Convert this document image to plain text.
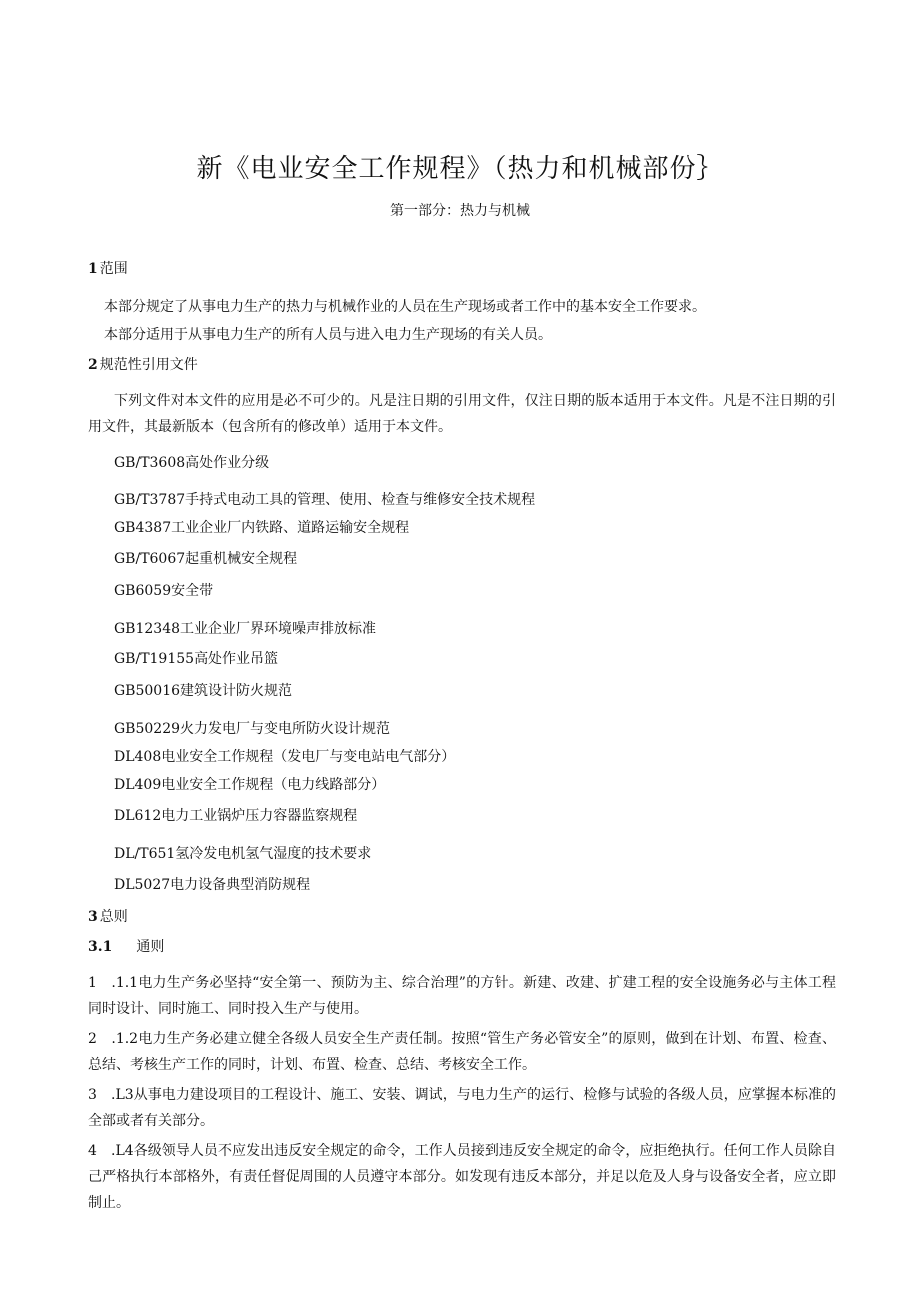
新《电业安全工作规程》（热力和机械部份｝
第一部分：热力与机械
1 范围
本部分规定了从事电力生产的热力与机械作业的人员在生产现场或者工作中的基本安全工作要求。
本部分适用于从事电力生产的所有人员与进入电力生产现场的有关人员。
2 规范性引用文件
下列文件对本文件的应用是必不可少的。凡是注日期的引用文件，仅注日期的版本适用于本文件。凡是不注日期的引用文件，其最新版本（包含所有的修改单）适用于本文件。
GB/T3608高处作业分级
GB/T3787手持式电动工具的管理、使用、检查与维修安全技术规程
GB4387工业企业厂内铁路、道路运输安全规程
GB/T6067起重机械安全规程
GB6059安全带
GB12348工业企业厂界环境噪声排放标准
GB/T19155高处作业吊篮
GB50016建筑设计防火规范
GB50229火力发电厂与变电所防火设计规范
DL408电业安全工作规程（发电厂与变电站电气部分）
DL409电业安全工作规程（电力线路部分）
DL612电力工业锅炉压力容器监察规程
DL/T651氢冷发电机氢气湿度的技术要求
DL5027电力设备典型消防规程
3 总则
3.1 通则
1　.1.1电力生产务必坚持“安全第一、预防为主、综合治理”的方针。新建、改建、扩建工程的安全设施务必与主体工程同时设计、同时施工、同时投入生产与使用。
2　.1.2电力生产务必建立健全各级人员安全生产责任制。按照“管生产务必管安全”的原则，做到在计划、布置、检查、总结、考核生产工作的同时，计划、布置、检查、总结、考核安全工作。
3　.L3从事电力建设项目的工程设计、施工、安装、调试，与电力生产的运行、检修与试验的各级人员，应掌握本标准的全部或者有关部分。
4　.L4各级领导人员不应发出违反安全规定的命令，工作人员接到违反安全规定的命令，应拒绝执行。任何工作人员除自己严格执行本部格外，有责任督促周围的人员遵守本部分。如发现有违反本部分，并足以危及人身与设备安全者，应立即制止。
